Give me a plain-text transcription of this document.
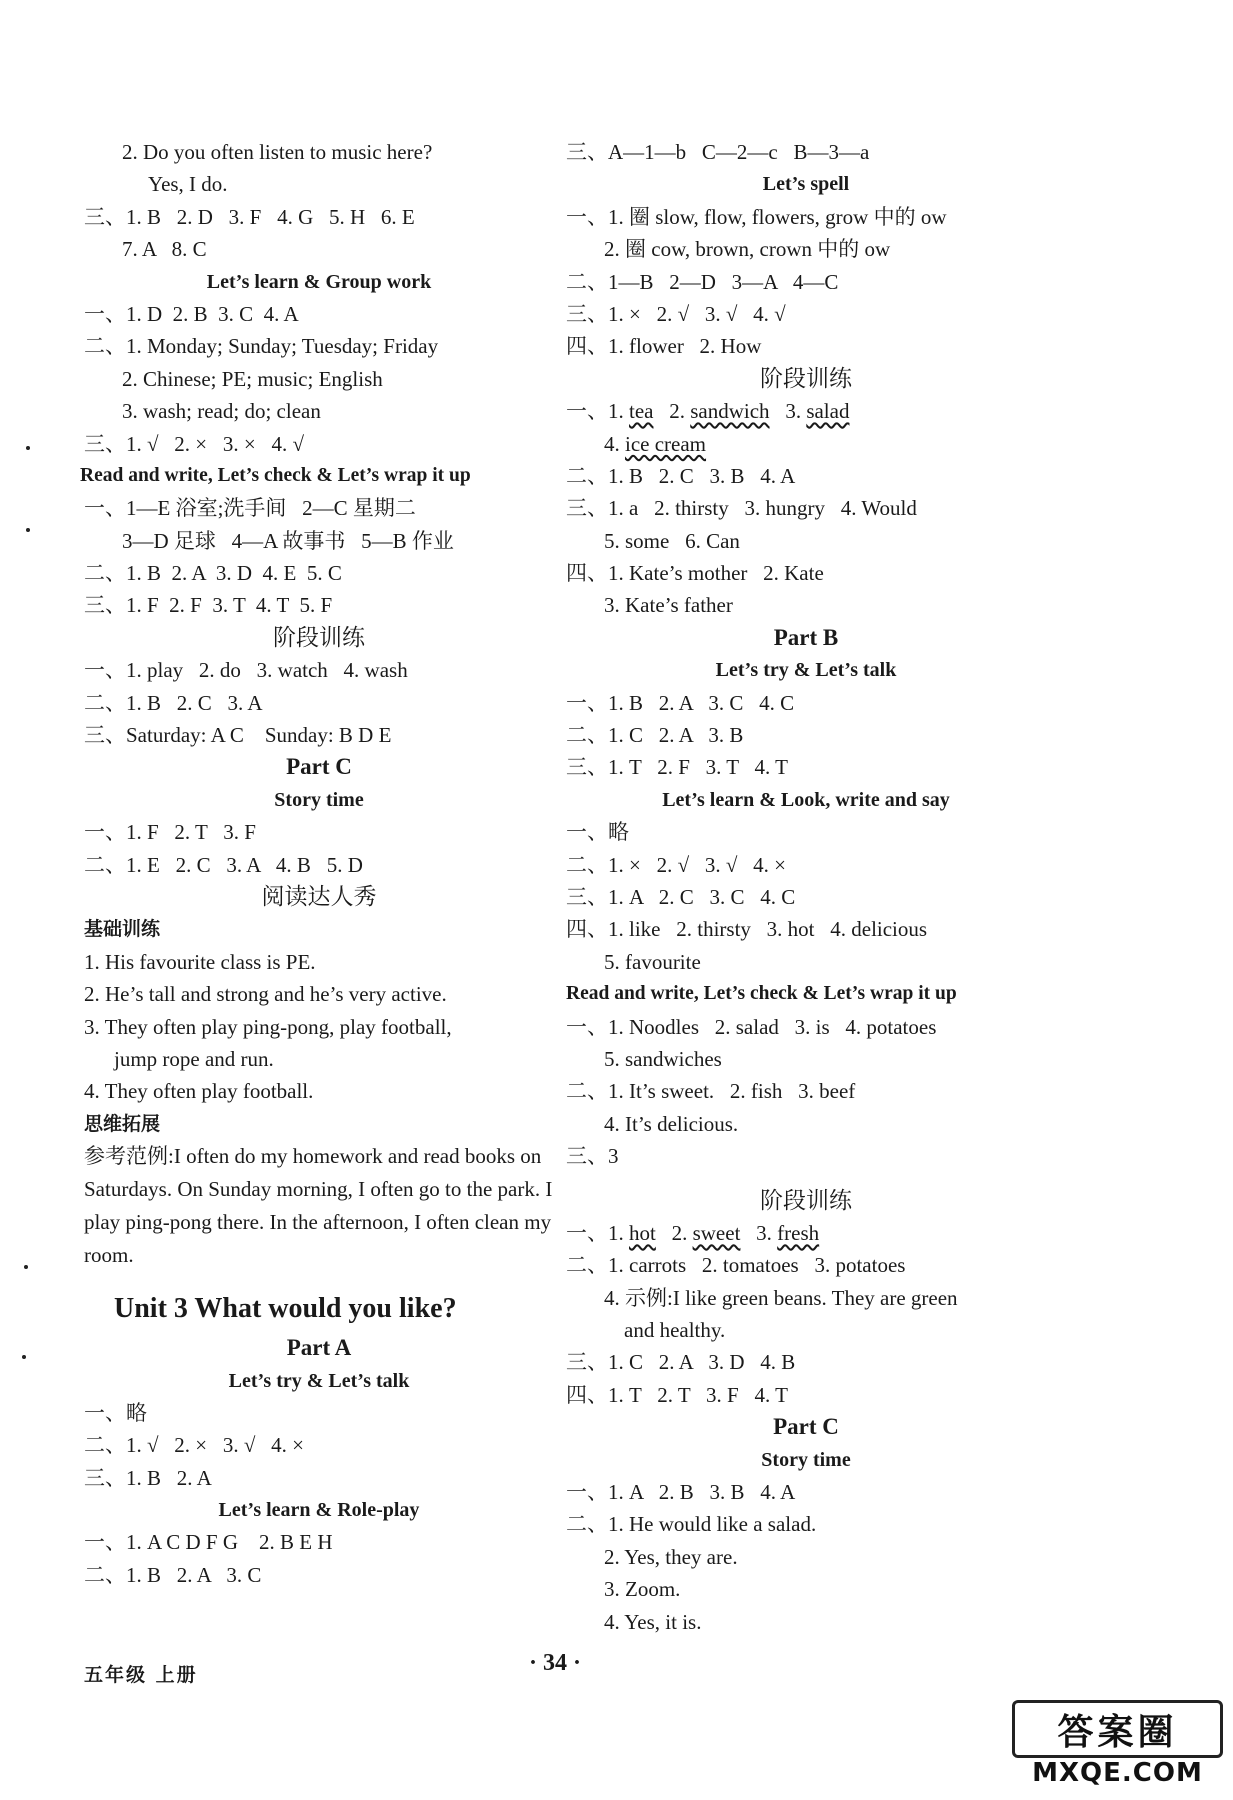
2. Do you often listen to music here?
Yes, I do.
三、1. B   2. D   3. F   4. G   5. H   6. E
7. A   8. C
Let’s learn & Group work
一、1. D  2. B  3. C  4. A
二、1. Monday; Sunday; Tuesday; Friday
2. Chinese; PE; music; English
3. wash; read; do; clean
三、1. √   2. ×   3. ×   4. √
Read and write, Let’s check & Let’s wrap it up
一、1—E 浴室;洗手间   2—C 星期二
3—D 足球   4—A 故事书   5—B 作业
二、1. B  2. A  3. D  4. E  5. C
三、1. F  2. F  3. T  4. T  5. F
阶段训练
一、1. play   2. do   3. watch   4. wash
二、1. B   2. C   3. A
三、Saturday: A C    Sunday: B D E
Part C
Story time
一、1. F   2. T   3. F
二、1. E   2. C   3. A   4. B   5. D
阅读达人秀
基础训练
1. His favourite class is PE.
2. He’s tall and strong and he’s very active.
3. They often play ping-pong, play football,
jump rope and run.
4. They often play football.
思维拓展
参考范例:I often do my homework and read books on Saturdays. On Sunday morning, I often go to the park. I play ping-pong there. In the afternoon, I often clean my room.
Unit 3 What would you like?
Part A
Let’s try & Let’s talk
一、略
二、1. √   2. ×   3. √   4. ×
三、1. B   2. A
Let’s learn & Role-play
一、1. A C D F G    2. B E H
二、1. B   2. A   3. C
三、A—1—b   C—2—c   B—3—a
Let’s spell
一、1. 圈 slow, flow, flowers, grow 中的 ow
2. 圈 cow, brown, crown 中的 ow
二、1—B   2—D   3—A   4—C
三、1. ×   2. √   3. √   4. √
四、1. flower   2. How
阶段训练
一、1. tea   2. sandwich   3. salad
4. ice cream
二、1. B   2. C   3. B   4. A
三、1. a   2. thirsty   3. hungry   4. Would
5. some   6. Can
四、1. Kate’s mother   2. Kate
3. Kate’s father
Part B
Let’s try & Let’s talk
一、1. B   2. A   3. C   4. C
二、1. C   2. A   3. B
三、1. T   2. F   3. T   4. T
Let’s learn & Look, write and say
一、略
二、1. ×   2. √   3. √   4. ×
三、1. A   2. C   3. C   4. C
四、1. like   2. thirsty   3. hot   4. delicious
5. favourite
Read and write, Let’s check & Let’s wrap it up
一、1. Noodles   2. salad   3. is   4. potatoes
5. sandwiches
二、1. It’s sweet.   2. fish   3. beef
4. It’s delicious.
三、3
阶段训练
一、1. hot   2. sweet   3. fresh
二、1. carrots   2. tomatoes   3. potatoes
4. 示例:I like green beans. They are green
and healthy.
三、1. C   2. A   3. D   4. B
四、1. T   2. T   3. F   4. T
Part C
Story time
一、1. A   2. B   3. B   4. A
二、1. He would like a salad.
2. Yes, they are.
3. Zoom.
4. Yes, it is.
五年级 上册	· 34 ·
答案圈
MXQE.COM
